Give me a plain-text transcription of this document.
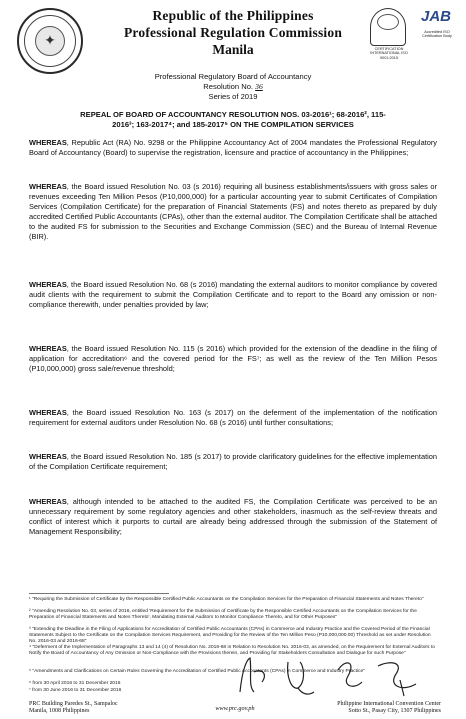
✦
Republic of the Philippines
Professional Regulation Commission
Manila	CERTIFICATION INTERNATIONAL ISO 9001:2015
JAB
Accredited ISO Certification Body
Professional Regulatory Board of Accountancy
Resolution No. 36
Series of 2019
REPEAL OF BOARD OF ACCOUNTANCY RESOLUTION NOS. 03-2016¹; 68-2016², 115-
2016³; 163-2017⁴; and 185-2017⁵ ON THE COMPILATION SERVICES
WHEREAS, Republic Act (RA) No. 9298 or the Philippine Accountancy Act of 2004 mandates the Professional Regulatory Board of Accountancy (Board) to supervise the registration, licensure and practice of accountancy in the Philippines;
WHEREAS, the Board issued Resolution No. 03 (s 2016) requiring all business establishments/issuers with gross sales or revenues exceeding Ten Million Pesos (P10,000,000) for a particular accounting year to submit Certificates of Compilation Services (Compilation Certificate) for the preparation of Financial Statements (FS) and notes thereto as prepared by duly accredited Certified Public Accountants (CPAs), other than the external auditor. The Compilation Certificate shall be attached to the audited FS for submission to the Securities and Exchange Commission (SEC) and the Bureau of Internal Revenue (BIR).
WHEREAS, the Board issued Resolution No. 68 (s 2016) mandating the external auditors to monitor compliance by covered audit clients with the requirement to submit the Compilation Certificate and to report to the Board any omission or non-compliance therewith, under penalties provided by law;
WHEREAS, the Board issued Resolution No. 115 (s 2016) which provided for the extension of the deadline in the filing of application for accreditation⁶ and the covered period for the FS⁷; as well as the review of the Ten Million Pesos (P10,000,000) gross sale/revenue threshold;
WHEREAS, the Board issued Resolution No. 163 (s 2017) on the deferment of the implementation of the notification requirement for external auditors under Resolution No. 68 (s 2016) until further consultations;
WHEREAS, the Board issued Resolution No. 185 (s 2017) to provide clarificatory guidelines for the effective implementation of the Compilation Certificate requirement;
WHEREAS, although intended to be attached to the audited FS, the Compilation Certificate was perceived to be an unnecessary requirement by some regulatory agencies and other stakeholders, inasmuch as the self-review threats and conflict of interest which it purports to curtail are already being addressed through the submission of the Statement of Management Responsibility;
¹ "Requiring the Submission of Certificate by the Responsible Certified Public Accountants on the Compilation Services for the Preparation of Financial Statements and Notes Thereto"
² "Amending Resolution No. 03, series of 2016, entitled 'Requirement for the Submission of Certificate by the Responsible Certified Accountants on the Compilation Services for the Preparation of Financial Statements and Notes Thereto', Mandating External Auditors to Monitor Compliance Thereto, and for Other Purposes"
³ "Extending the Deadline in the Filing of Applications for Accreditation of Certified Public Accountants (CPAs) in Commerce and Industry Practice and the Covered Period of the Financial Statements Subject to the Certificate on the Compilation Services Requirement, and Providing for the Review of the Ten Million Peso (P10,000,000.00) Threshold as set under Resolution No. 2016-03 and 2016-68"
⁴ "Deferment of the Implementation of Paragraphs 13 and 14 (4) of Resolution No. 2016-68 in Relation to Resolution No. 2016-03, as amended, on the Requirement for External Auditors to Notify the Board of Accountancy of Any Omission or Non-Compliance with the Provisions therein, and Providing for Stakeholders Consultation and Dialogue for such Purpose"
⁵ "Amendments and Clarifications on Certain Rules Governing the Accreditation of Certified Public Accountants (CPAs) in Commerce and Industry Practice"
⁶ from 30 April 2016 to 31 December 2016
⁷ from 30 June 2016 to 31 December 2016
PRC Building Paredes St., Sampaloc
Manila, 1008 Philippines	www.prc.gov.ph
Philippine International Convention Center
Sotto St., Pasay City, 1307 Philippines
